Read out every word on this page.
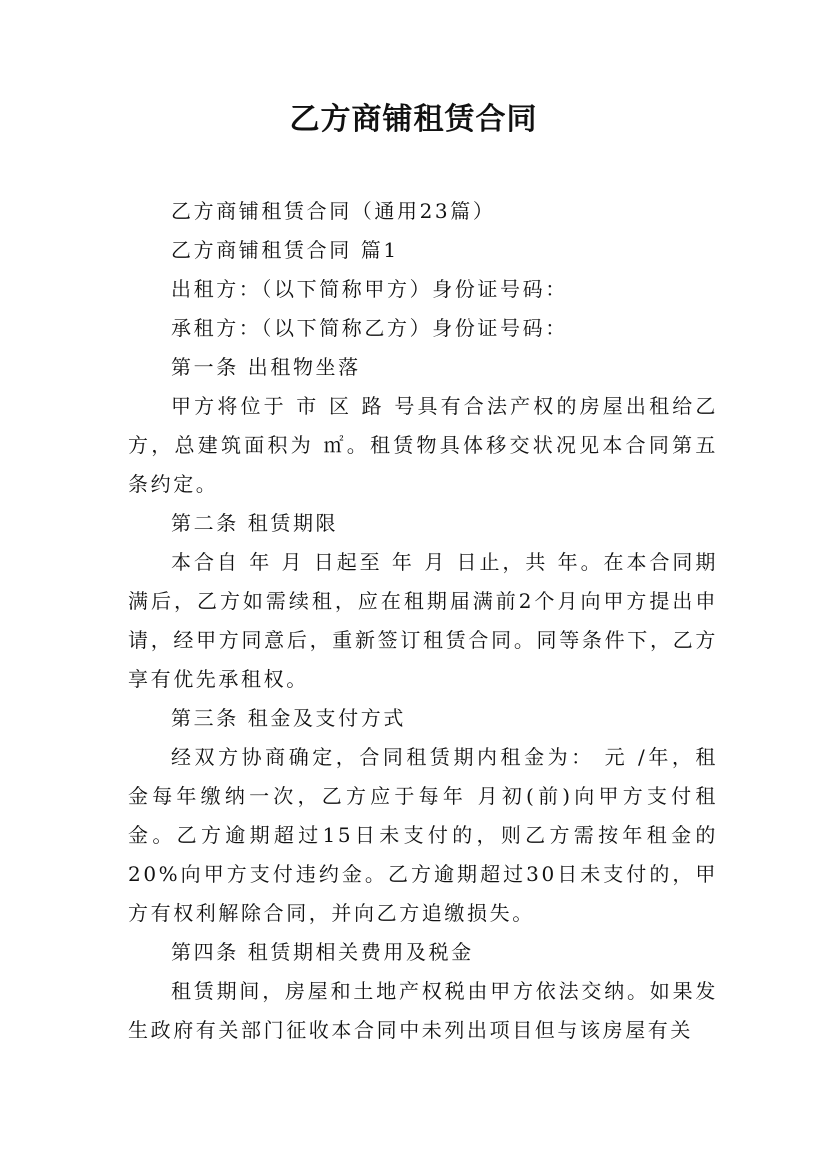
乙方商铺租赁合同

乙方商铺租赁合同（通用23篇）

乙方商铺租赁合同 篇1

出租方：（以下简称甲方）身份证号码：

承租方：（以下简称乙方）身份证号码：

第一条 出租物坐落

甲方将位于 市 区 路 号具有合法产权的房屋出租给乙方，总建筑面积为 ㎡。租赁物具体移交状况见本合同第五条约定。

第二条 租赁期限

本合自 年 月 日起至 年 月 日止，共 年。在本合同期满后，乙方如需续租，应在租期届满前2个月向甲方提出申请，经甲方同意后，重新签订租赁合同。同等条件下，乙方享有优先承租权。

第三条 租金及支付方式

经双方协商确定，合同租赁期内租金为： 元 /年，租金每年缴纳一次，乙方应于每年 月初(前)向甲方支付租金。乙方逾期超过15日未支付的，则乙方需按年租金的20%向甲方支付违约金。乙方逾期超过30日未支付的，甲方有权利解除合同，并向乙方追缴损失。

第四条 租赁期相关费用及税金

租赁期间，房屋和土地产权税由甲方依法交纳。如果发生政府有关部门征收本合同中未列出项目但与该房屋有关
